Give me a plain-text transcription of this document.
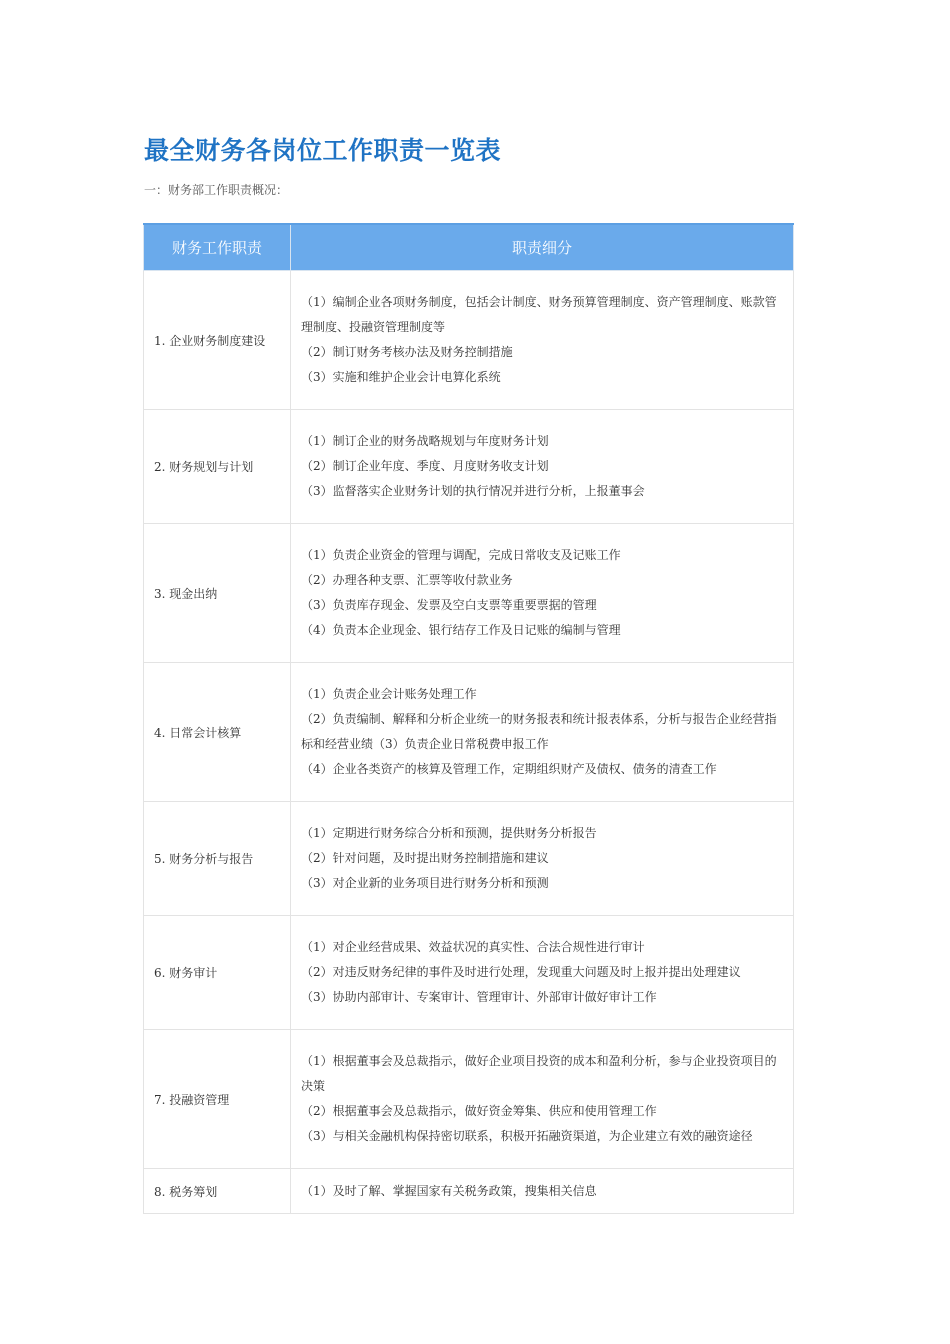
最全财务各岗位工作职责一览表

一：财务部工作职责概况：

财务工作职责	职责细分
1. 企业财务制度建设	（1）编制企业各项财务制度，包括会计制度、财务预算管理制度、资产管理制度、账款管理制度、投融资管理制度等

（2）制订财务考核办法及财务控制措施

（3）实施和维护企业会计电算化系统

2. 财务规划与计划	（1）制订企业的财务战略规划与年度财务计划

（2）制订企业年度、季度、月度财务收支计划

（3）监督落实企业财务计划的执行情况并进行分析，上报董事会

3. 现金出纳	（1）负责企业资金的管理与调配，完成日常收支及记账工作

（2）办理各种支票、汇票等收付款业务

（3）负责库存现金、发票及空白支票等重要票据的管理

（4）负责本企业现金、银行结存工作及日记账的编制与管理

4. 日常会计核算	（1）负责企业会计账务处理工作

（2）负责编制、解释和分析企业统一的财务报表和统计报表体系，分析与报告企业经营指标和经营业绩（3）负责企业日常税费申报工作

（4）企业各类资产的核算及管理工作，定期组织财产及债权、债务的清查工作

5. 财务分析与报告	（1）定期进行财务综合分析和预测，提供财务分析报告

（2）针对问题，及时提出财务控制措施和建议

（3）对企业新的业务项目进行财务分析和预测

6. 财务审计	（1）对企业经营成果、效益状况的真实性、合法合规性进行审计

（2）对违反财务纪律的事件及时进行处理，发现重大问题及时上报并提出处理建议

（3）协助内部审计、专案审计、管理审计、外部审计做好审计工作

7. 投融资管理	（1）根据董事会及总裁指示，做好企业项目投资的成本和盈利分析，参与企业投资项目的决策

（2）根据董事会及总裁指示，做好资金筹集、供应和使用管理工作

（3）与相关金融机构保持密切联系，积极开拓融资渠道，为企业建立有效的融资途径

8. 税务筹划	（1）及时了解、掌握国家有关税务政策，搜集相关信息
